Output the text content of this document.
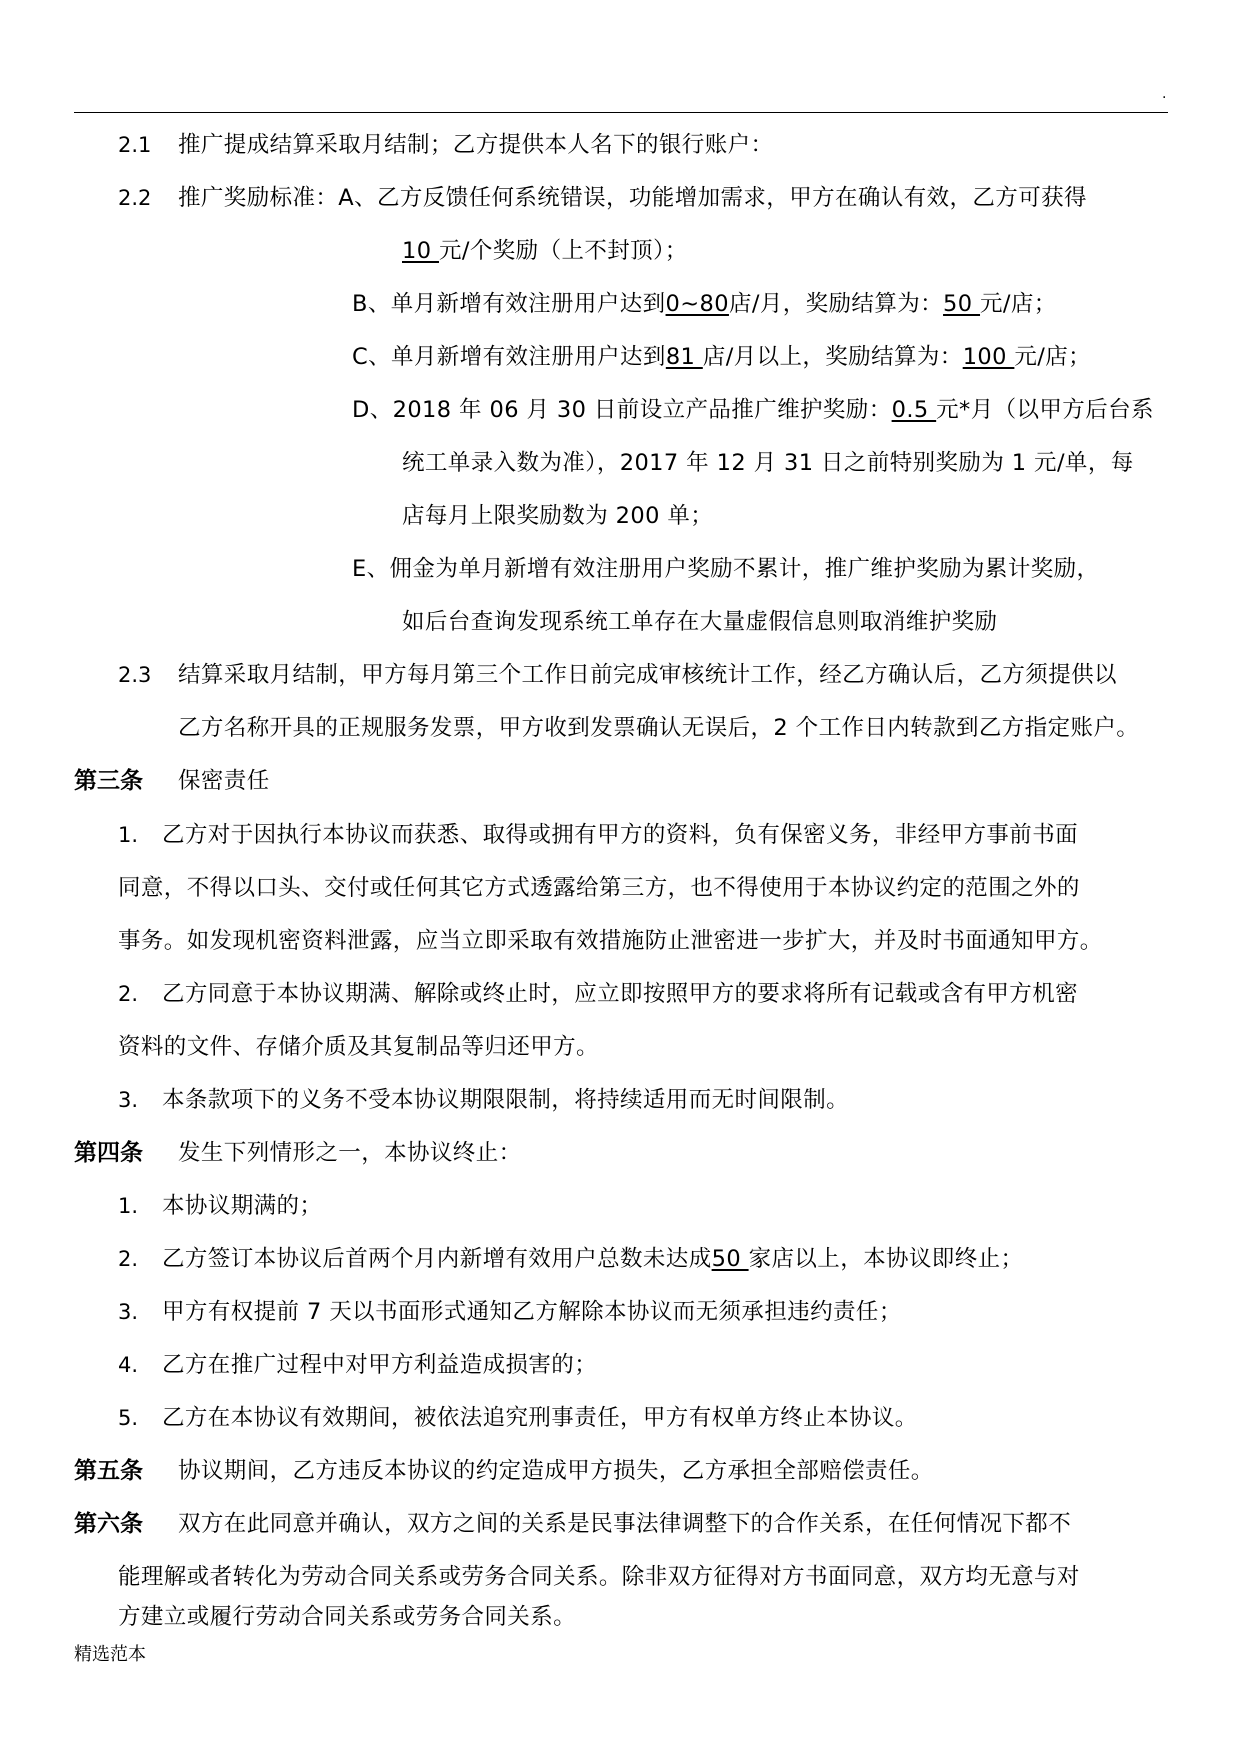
.
2.1 推广提成结算采取月结制；乙方提供本人名下的银行账户：
2.2 推广奖励标准：A、乙方反馈任何系统错误，功能增加需求，甲方在确认有效，乙方可获得
10 元/个奖励（上不封顶）；
B、单月新增有效注册用户达到0~80店/月，奖励结算为：50 元/店；
C、单月新增有效注册用户达到81 店/月以上，奖励结算为：100 元/店；
D、2018 年 06 月 30 日前设立产品推广维护奖励：0.5 元*月（以甲方后台系
统工单录入数为准），2017 年 12 月 31 日之前特别奖励为 1 元/单，每
店每月上限奖励数为 200 单；
E、佣金为单月新增有效注册用户奖励不累计，推广维护奖励为累计奖励，
如后台查询发现系统工单存在大量虚假信息则取消维护奖励
2.3 结算采取月结制，甲方每月第三个工作日前完成审核统计工作，经乙方确认后，乙方须提供以
乙方名称开具的正规服务发票，甲方收到发票确认无误后，2 个工作日内转款到乙方指定账户。
第三条 保密责任
1. 乙方对于因执行本协议而获悉、取得或拥有甲方的资料，负有保密义务，非经甲方事前书面
同意，不得以口头、交付或任何其它方式透露给第三方，也不得使用于本协议约定的范围之外的
事务。如发现机密资料泄露，应当立即采取有效措施防止泄密进一步扩大，并及时书面通知甲方。
2. 乙方同意于本协议期满、解除或终止时，应立即按照甲方的要求将所有记载或含有甲方机密
资料的文件、存储介质及其复制品等归还甲方。
3. 本条款项下的义务不受本协议期限限制，将持续适用而无时间限制。
第四条 发生下列情形之一，本协议终止：
1. 本协议期满的；
2. 乙方签订本协议后首两个月内新增有效用户总数未达成50 家店以上，本协议即终止；
3. 甲方有权提前 7 天以书面形式通知乙方解除本协议而无须承担违约责任；
4. 乙方在推广过程中对甲方利益造成损害的；
5. 乙方在本协议有效期间，被依法追究刑事责任，甲方有权单方终止本协议。
第五条 协议期间，乙方违反本协议的约定造成甲方损失，乙方承担全部赔偿责任。
第六条 双方在此同意并确认，双方之间的关系是民事法律调整下的合作关系，在任何情况下都不
能理解或者转化为劳动合同关系或劳务合同关系。除非双方征得对方书面同意，双方均无意与对
方建立或履行劳动合同关系或劳务合同关系。
精选范本
